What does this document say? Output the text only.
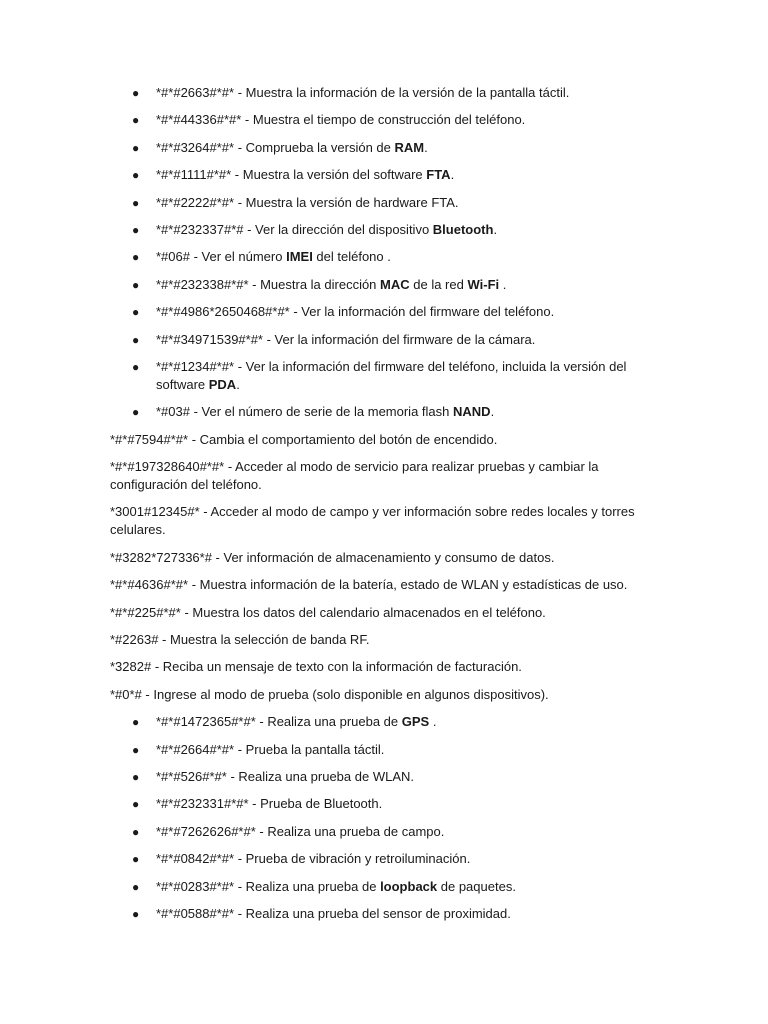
● *#*#2663#*#* - Muestra la información de la versión de la pantalla táctil.
● *#*#44336#*#* - Muestra el tiempo de construcción del teléfono.
● *#*#3264#*#* - Comprueba la versión de RAM.
● *#*#1111#*#* - Muestra la versión del software FTA.
● *#*#2222#*#* - Muestra la versión de hardware FTA.
● *#*#232337#*# - Ver la dirección del dispositivo Bluetooth.
● *#06# - Ver el número IMEI del teléfono .
● *#*#232338#*#* - Muestra la dirección MAC de la red Wi-Fi .
● *#*#4986*2650468#*#* - Ver la información del firmware del teléfono.
● *#*#34971539#*#* - Ver la información del firmware de la cámara.
● *#*#1234#*#* - Ver la información del firmware del teléfono, incluida la versión del software PDA.
● *#03# - Ver el número de serie de la memoria flash NAND.

*#*#7594#*#* - Cambia el comportamiento del botón de encendido.

*#*#197328640#*#* - Acceder al modo de servicio para realizar pruebas y cambiar la configuración del teléfono.

*3001#12345#* - Acceder al modo de campo y ver información sobre redes locales y torres celulares.

*#3282*727336*# - Ver información de almacenamiento y consumo de datos.

*#*#4636#*#* - Muestra información de la batería, estado de WLAN y estadísticas de uso.

*#*#225#*#* - Muestra los datos del calendario almacenados en el teléfono.

*#2263# - Muestra la selección de banda RF.

*3282# - Reciba un mensaje de texto con la información de facturación.

*#0*# - Ingrese al modo de prueba (solo disponible en algunos dispositivos).

● *#*#1472365#*#* - Realiza una prueba de GPS .
● *#*#2664#*#* - Prueba la pantalla táctil.
● *#*#526#*#* - Realiza una prueba de WLAN.
● *#*#232331#*#* - Prueba de Bluetooth.
● *#*#7262626#*#* - Realiza una prueba de campo.
● *#*#0842#*#* - Prueba de vibración y retroiluminación.
● *#*#0283#*#* - Realiza una prueba de loopback de paquetes.
● *#*#0588#*#* - Realiza una prueba del sensor de proximidad.
